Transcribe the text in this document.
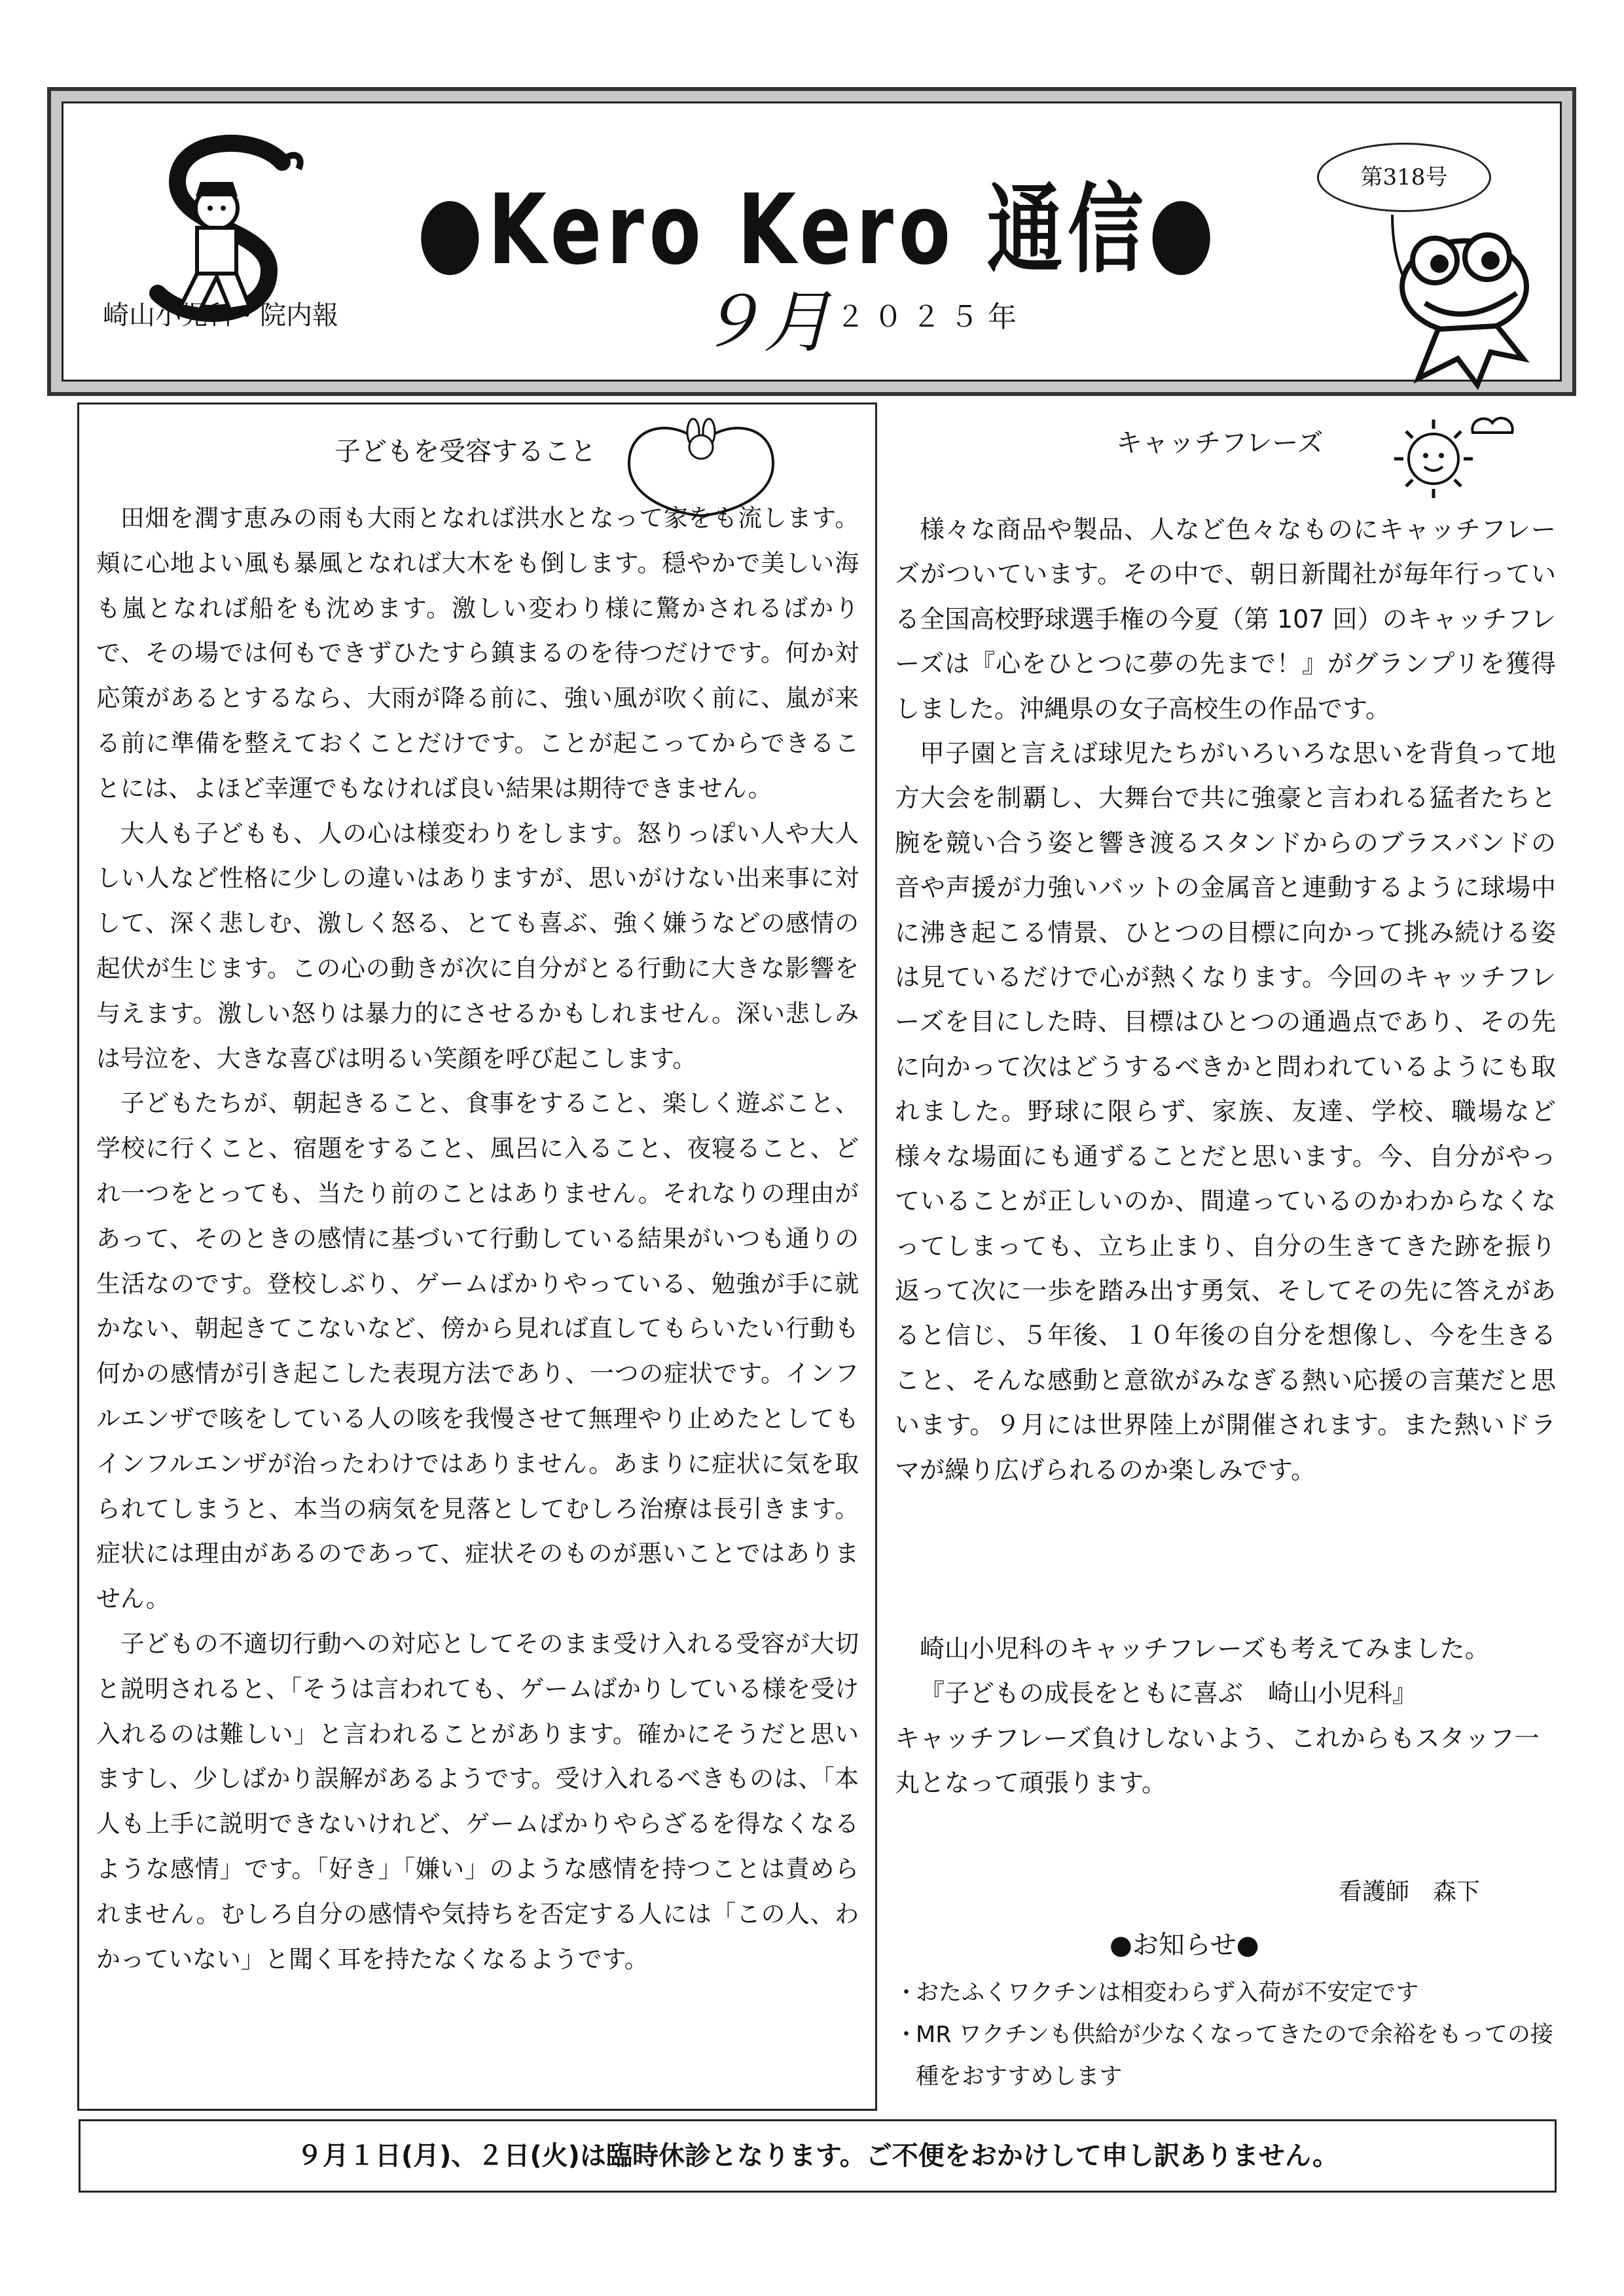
●Kero Kero 通信●
崎山小児科・院内報	９月 ２０２５年
第318号
子どもを受容すること

田畑を潤す恵みの雨も大雨となれば洪水となって家をも流します。頬に心地よい風も暴風となれば大木をも倒します。穏やかで美しい海も嵐となれば船をも沈めます。激しい変わり様に驚かされるばかりで、その場では何もできずひたすら鎮まるのを待つだけです。何か対応策があるとするなら、大雨が降る前に、強い風が吹く前に、嵐が来る前に準備を整えておくことだけです。ことが起こってからできることには、よほど幸運でもなければ良い結果は期待できません。

大人も子どもも、人の心は様変わりをします。怒りっぽい人や大人しい人など性格に少しの違いはありますが、思いがけない出来事に対して、深く悲しむ、激しく怒る、とても喜ぶ、強く嫌うなどの感情の起伏が生じます。この心の動きが次に自分がとる行動に大きな影響を与えます。激しい怒りは暴力的にさせるかもしれません。深い悲しみは号泣を、大きな喜びは明るい笑顔を呼び起こします。

子どもたちが、朝起きること、食事をすること、楽しく遊ぶこと、学校に行くこと、宿題をすること、風呂に入ること、夜寝ること、どれ一つをとっても、当たり前のことはありません。それなりの理由があって、そのときの感情に基づいて行動している結果がいつも通りの生活なのです。登校しぶり、ゲームばかりやっている、勉強が手に就かない、朝起きてこないなど、傍から見れば直してもらいたい行動も何かの感情が引き起こした表現方法であり、一つの症状です。インフルエンザで咳をしている人の咳を我慢させて無理やり止めたとしてもインフルエンザが治ったわけではありません。あまりに症状に気を取られてしまうと、本当の病気を見落としてむしろ治療は長引きます。症状には理由があるのであって、症状そのものが悪いことではありません。

子どもの不適切行動への対応としてそのまま受け入れる受容が大切と説明されると、「そうは言われても、ゲームばかりしている様を受け入れるのは難しい」と言われることがあります。確かにそうだと思いますし、少しばかり誤解があるようです。受け入れるべきものは、「本人も上手に説明できないけれど、ゲームばかりやらざるを得なくなるような感情」です。「好き」「嫌い」のような感情を持つことは責められません。むしろ自分の感情や気持ちを否定する人には「この人、わかっていない」と聞く耳を持たなくなるようです。

キャッチフレーズ

様々な商品や製品、人など色々なものにキャッチフレーズがついています。その中で、朝日新聞社が毎年行っている全国高校野球選手権の今夏（第 107 回）のキャッチフレーズは『心をひとつに夢の先まで！』がグランプリを獲得しました。沖縄県の女子高校生の作品です。

甲子園と言えば球児たちがいろいろな思いを背負って地方大会を制覇し、大舞台で共に強豪と言われる猛者たちと腕を競い合う姿と響き渡るスタンドからのブラスバンドの音や声援が力強いバットの金属音と連動するように球場中に沸き起こる情景、ひとつの目標に向かって挑み続ける姿は見ているだけで心が熱くなります。今回のキャッチフレーズを目にした時、目標はひとつの通過点であり、その先に向かって次はどうするべきかと問われているようにも取れました。野球に限らず、家族、友達、学校、職場など様々な場面にも通ずることだと思います。今、自分がやっていることが正しいのか、間違っているのかわからなくなってしまっても、立ち止まり、自分の生きてきた跡を振り返って次に一歩を踏み出す勇気、そしてその先に答えがあると信じ、５年後、１０年後の自分を想像し、今を生きること、そんな感動と意欲がみなぎる熱い応援の言葉だと思います。９月には世界陸上が開催されます。また熱いドラマが繰り広げられるのか楽しみです。

崎山小児科のキャッチフレーズも考えてみました。

『子どもの成長をともに喜ぶ　崎山小児科』

キャッチフレーズ負けしないよう、これからもスタッフ一丸となって頑張ります。

看護師　森下
●お知らせ●
・
おたふくワクチンは相変わらず入荷が不安定です
・
MR ワクチンも供給が少なくなってきたので余裕をもっての接種をおすすめします
９月１日(月)、２日(火)は臨時休診となります。ご不便をおかけして申し訳ありません。
